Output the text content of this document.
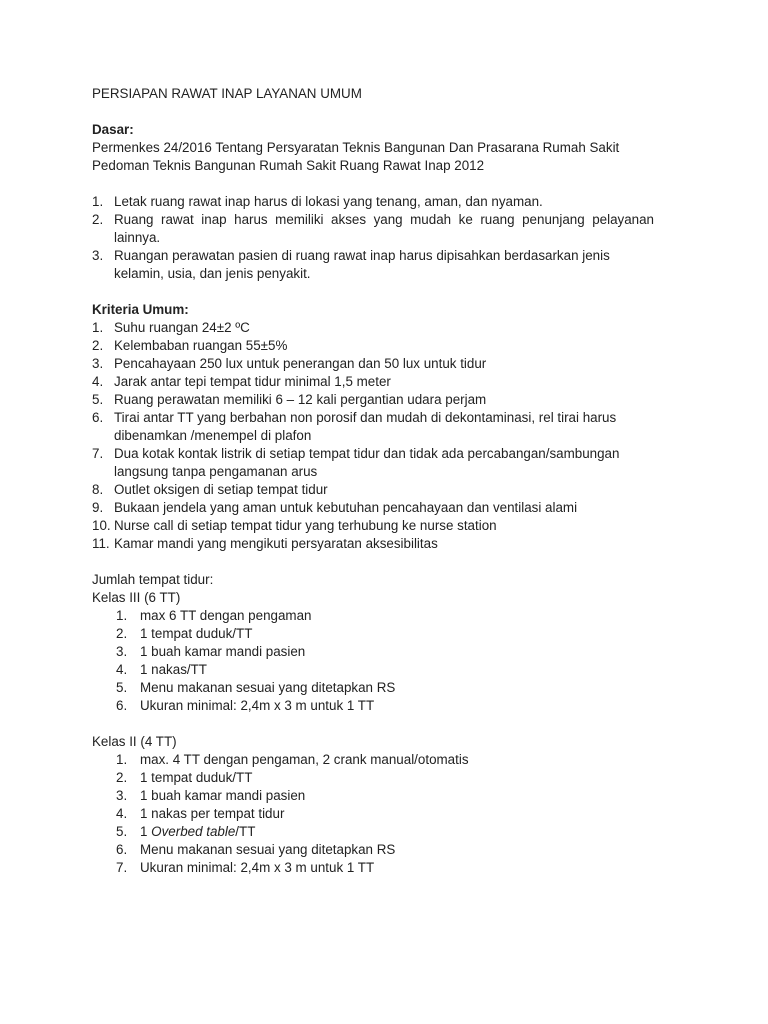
PERSIAPAN RAWAT INAP LAYANAN UMUM

Dasar:

Permenkes 24/2016 Tentang Persyaratan Teknis Bangunan Dan Prasarana Rumah Sakit

Pedoman Teknis Bangunan Rumah Sakit Ruang Rawat Inap 2012

1. Letak ruang rawat inap harus di lokasi yang tenang, aman, dan nyaman.
2. Ruang rawat inap harus memiliki akses yang mudah ke ruang penunjang pelayanan lainnya.
3. Ruangan perawatan pasien di ruang rawat inap harus dipisahkan berdasarkan jenis kelamin, usia, dan jenis penyakit.

Kriteria Umum:

1. Suhu ruangan 24±2 ºC
2. Kelembaban ruangan 55±5%
3. Pencahayaan 250 lux untuk penerangan dan 50 lux untuk tidur
4. Jarak antar tepi tempat tidur minimal 1,5 meter
5. Ruang perawatan memiliki 6 – 12 kali pergantian udara perjam
6. Tirai antar TT yang berbahan non porosif dan mudah di dekontaminasi, rel tirai harus dibenamkan /menempel di plafon
7. Dua kotak kontak listrik di setiap tempat tidur dan tidak ada percabangan/sambungan langsung tanpa pengamanan arus
8. Outlet oksigen di setiap tempat tidur
9. Bukaan jendela yang aman untuk kebutuhan pencahayaan dan ventilasi alami
10. Nurse call di setiap tempat tidur yang terhubung ke nurse station
11. Kamar mandi yang mengikuti persyaratan aksesibilitas

Jumlah tempat tidur:

Kelas III (6 TT)

1. max 6 TT dengan pengaman
2. 1 tempat duduk/TT
3. 1 buah kamar mandi pasien
4. 1 nakas/TT
5. Menu makanan sesuai yang ditetapkan RS
6. Ukuran minimal: 2,4m x 3 m untuk 1 TT

Kelas II (4 TT)

1. max. 4 TT dengan pengaman, 2 crank manual/otomatis
2. 1 tempat duduk/TT
3. 1 buah kamar mandi pasien
4. 1 nakas per tempat tidur
5. 1 Overbed table/TT
6. Menu makanan sesuai yang ditetapkan RS
7. Ukuran minimal: 2,4m x 3 m untuk 1 TT
